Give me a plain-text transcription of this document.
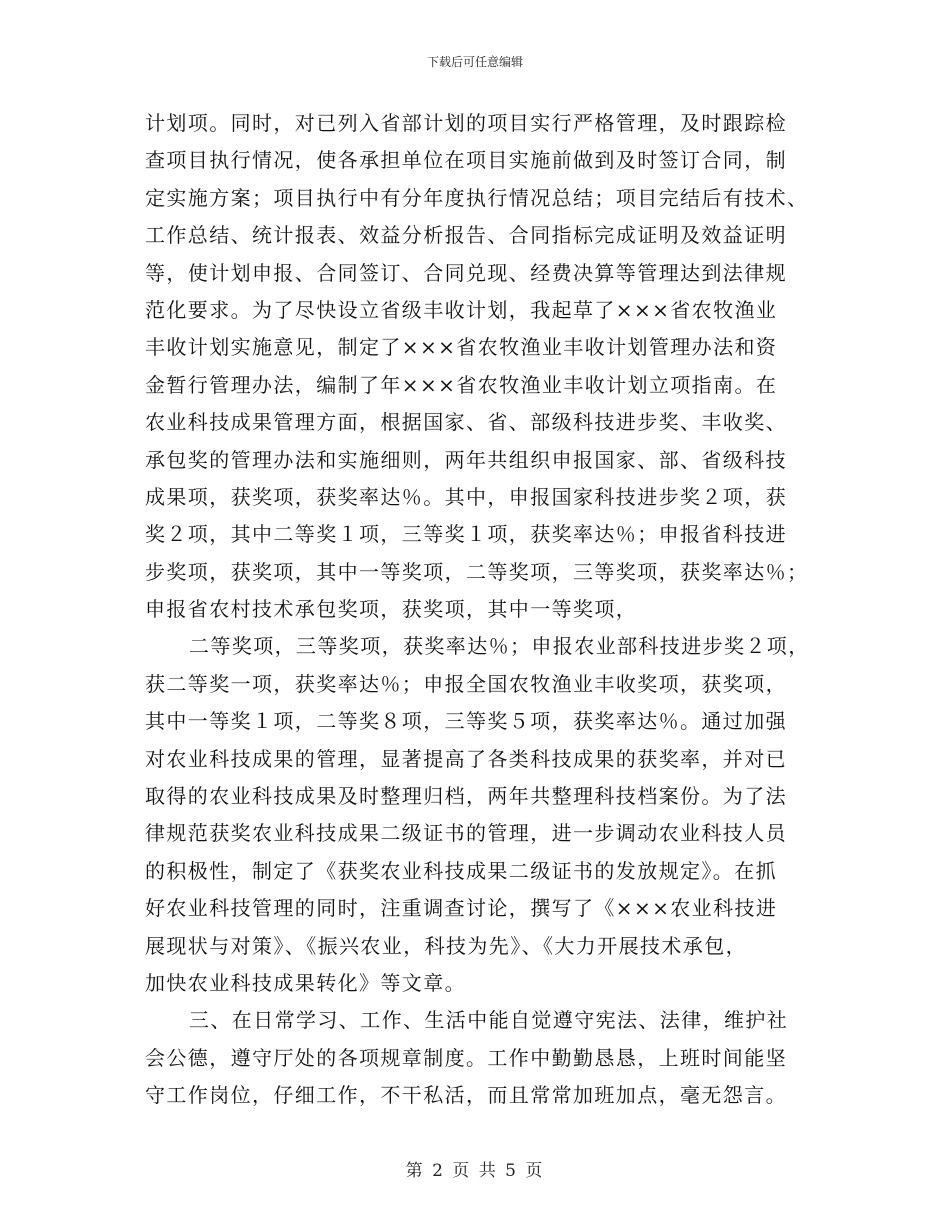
下载后可任意编辑
计划项。同时，对已列入省部计划的项目实行严格管理，及时跟踪检
查项目执行情况，使各承担单位在项目实施前做到及时签订合同，制
定实施方案；项目执行中有分年度执行情况总结；项目完结后有技术、
工作总结、统计报表、效益分析报告、合同指标完成证明及效益证明
等，使计划申报、合同签订、合同兑现、经费决算等管理达到法律规
范化要求。为了尽快设立省级丰收计划，我起草了×××省农牧渔业
丰收计划实施意见，制定了×××省农牧渔业丰收计划管理办法和资
金暂行管理办法，编制了年×××省农牧渔业丰收计划立项指南。在
农业科技成果管理方面，根据国家、省、部级科技进步奖、丰收奖、
承包奖的管理办法和实施细则，两年共组织申报国家、部、省级科技
成果项，获奖项，获奖率达％。其中，申报国家科技进步奖２项，获
奖２项，其中二等奖１项，三等奖１项，获奖率达％；申报省科技进
步奖项，获奖项，其中一等奖项，二等奖项，三等奖项，获奖率达％；
申报省农村技术承包奖项，获奖项，其中一等奖项，
二等奖项，三等奖项，获奖率达％；申报农业部科技进步奖２项，
获二等奖一项，获奖率达％；申报全国农牧渔业丰收奖项，获奖项，
其中一等奖１项，二等奖８项，三等奖５项，获奖率达％。通过加强
对农业科技成果的管理，显著提高了各类科技成果的获奖率，并对已
取得的农业科技成果及时整理归档，两年共整理科技档案份。为了法
律规范获奖农业科技成果二级证书的管理，进一步调动农业科技人员
的积极性，制定了《获奖农业科技成果二级证书的发放规定》。在抓
好农业科技管理的同时，注重调查讨论，撰写了《×××农业科技进
展现状与对策》、《振兴农业，科技为先》、《大力开展技术承包，
加快农业科技成果转化》等文章。
三、在日常学习、工作、生活中能自觉遵守宪法、法律，维护社
会公德，遵守厅处的各项规章制度。工作中勤勤恳恳，上班时间能坚
守工作岗位，仔细工作，不干私活，而且常常加班加点，毫无怨言。
第 2 页 共 5 页
